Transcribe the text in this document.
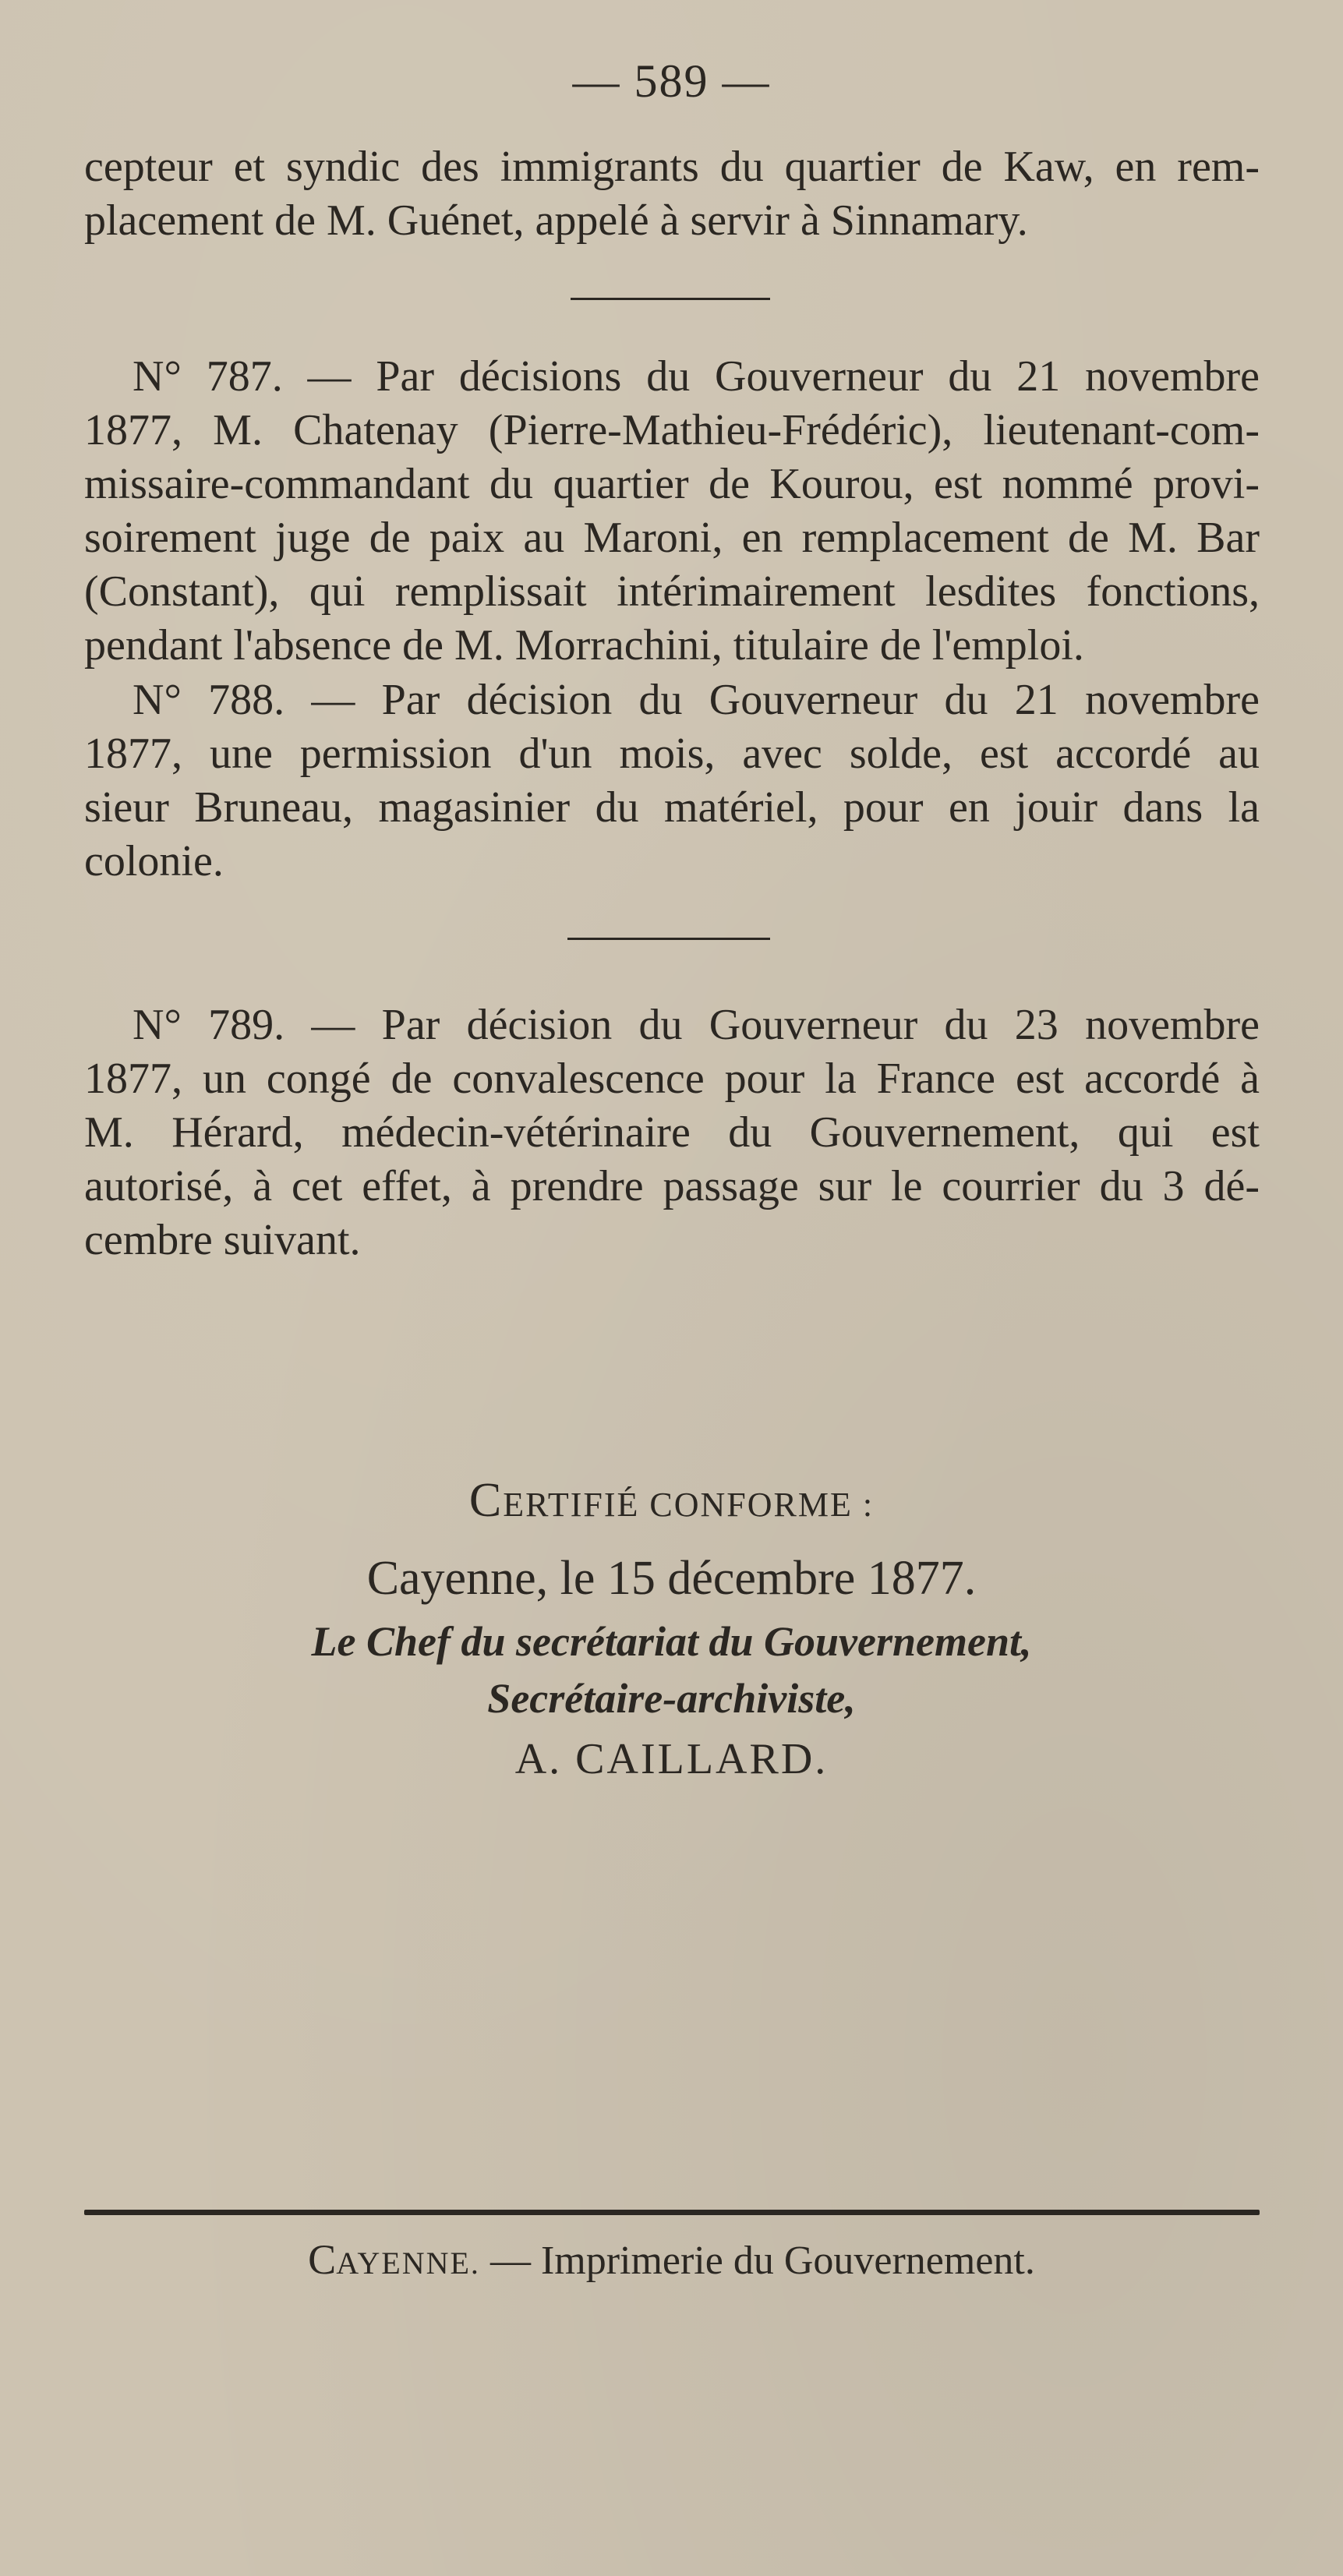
— 589 —

cepteur et syndic des immigrants du quartier de Kaw, en rem-
placement de M. Guénet, appelé à servir à Sinnamary.

N° 787. — Par décisions du Gouverneur du 21 novembre
1877, M. Chatenay (Pierre-Mathieu-Frédéric), lieutenant-com-
missaire-commandant du quartier de Kourou, est nommé provi-
soirement juge de paix au Maroni, en remplacement de M. Bar
(Constant), qui remplissait intérimairement lesdites fonctions,
pendant l'absence de M. Morrachini, titulaire de l'emploi.

N° 788. — Par décision du Gouverneur du 21 novembre
1877, une permission d'un mois, avec solde, est accordé au
sieur Bruneau, magasinier du matériel, pour en jouir dans la
colonie.

N° 789. — Par décision du Gouverneur du 23 novembre
1877, un congé de convalescence pour la France est accordé à
M. Hérard, médecin-vétérinaire du Gouvernement, qui est
autorisé, à cet effet, à prendre passage sur le courrier du 3 dé-
cembre suivant.

CERTIFIÉ CONFORME :
Cayenne, le 15 décembre 1877.
Le Chef du secrétariat du Gouvernement,
Secrétaire-archiviste,
A. CAILLARD.
CAYENNE. — Imprimerie du Gouvernement.
